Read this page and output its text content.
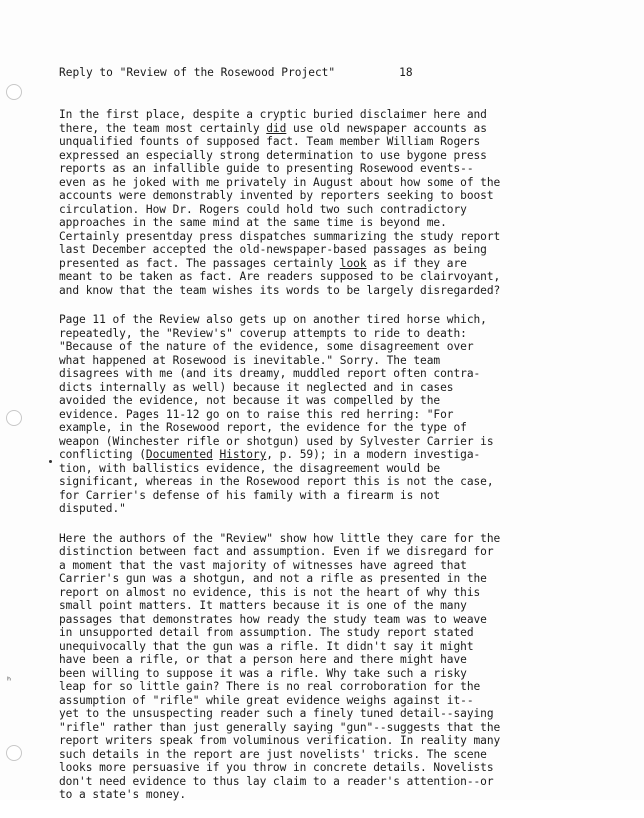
ʰ
Reply to "Review of the Rosewood Project"	18
In the first place, despite a cryptic buried disclaimer here and
there, the team most certainly did use old newspaper accounts as
unqualified founts of supposed fact. Team member William Rogers
expressed an especially strong determination to use bygone press
reports as an infallible guide to presenting Rosewood events--
even as he joked with me privately in August about how some of the
accounts were demonstrably invented by reporters seeking to boost
circulation. How Dr. Rogers could hold two such contradictory
approaches in the same mind at the same time is beyond me.
Certainly presentday press dispatches summarizing the study report
last December accepted the old-newspaper-based passages as being
presented as fact. The passages certainly look as if they are
meant to be taken as fact. Are readers supposed to be clairvoyant,
and know that the team wishes its words to be largely disregarded?
Page 11 of the Review also gets up on another tired horse which,
repeatedly, the "Review's" coverup attempts to ride to death:
"Because of the nature of the evidence, some disagreement over
what happened at Rosewood is inevitable." Sorry. The team
disagrees with me (and its dreamy, muddled report often contra-
dicts internally as well) because it neglected and in cases
avoided the evidence, not because it was compelled by the
evidence. Pages 11-12 go on to raise this red herring: "For
example, in the Rosewood report, the evidence for the type of
weapon (Winchester rifle or shotgun) used by Sylvester Carrier is
conflicting (Documented History, p. 59); in a modern investiga-
tion, with ballistics evidence, the disagreement would be
significant, whereas in the Rosewood report this is not the case,
for Carrier's defense of his family with a firearm is not
disputed."
Here the authors of the "Review" show how little they care for the
distinction between fact and assumption. Even if we disregard for
a moment that the vast majority of witnesses have agreed that
Carrier's gun was a shotgun, and not a rifle as presented in the
report on almost no evidence, this is not the heart of why this
small point matters. It matters because it is one of the many
passages that demonstrates how ready the study team was to weave
in unsupported detail from assumption. The study report stated
unequivocally that the gun was a rifle. It didn't say it might
have been a rifle, or that a person here and there might have
been willing to suppose it was a rifle. Why take such a risky
leap for so little gain? There is no real corroboration for the
assumption of "rifle" while great evidence weighs against it--
yet to the unsuspecting reader such a finely tuned detail--saying
"rifle" rather than just generally saying "gun"--suggests that the
report writers speak from voluminous verification. In reality many
such details in the report are just novelists' tricks. The scene
looks more persuasive if you throw in concrete details. Novelists
don't need evidence to thus lay claim to a reader's attention--or
to a state's money.
